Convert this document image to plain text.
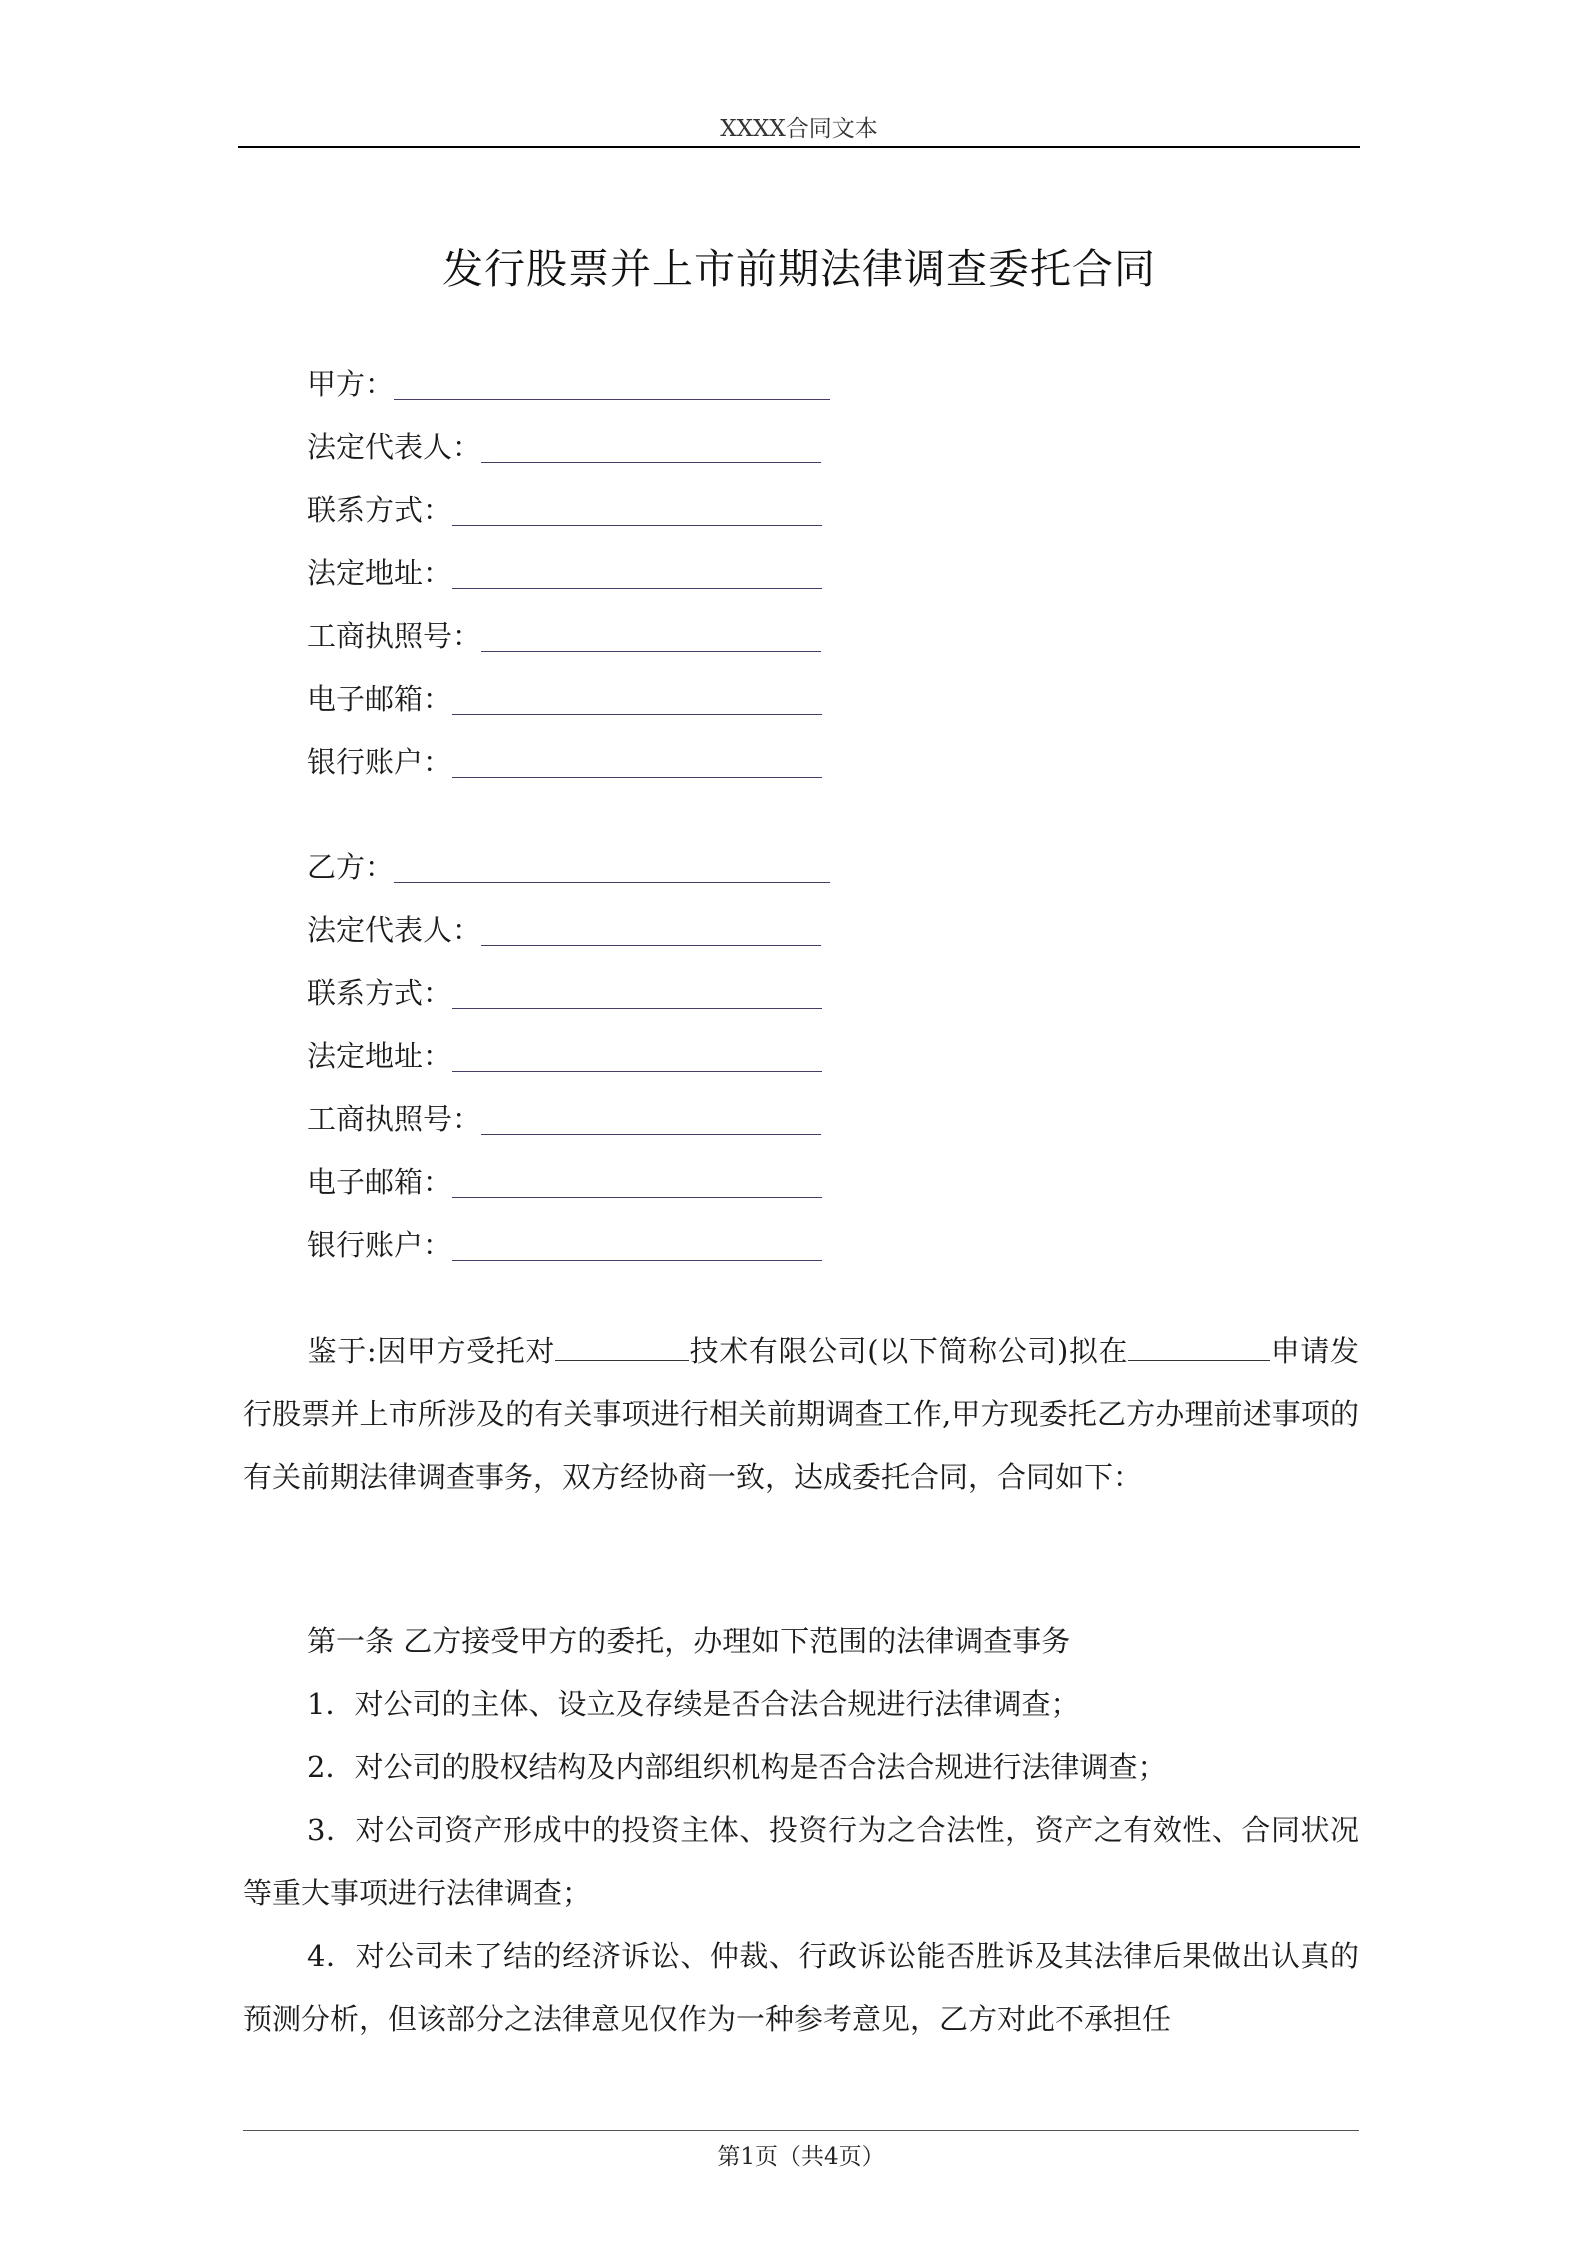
XXXX合同文本
发行股票并上市前期法律调查委托合同
甲方：
法定代表人：
联系方式：
法定地址：
工商执照号：
电子邮箱：
银行账户：
乙方：
法定代表人：
联系方式：
法定地址：
工商执照号：
电子邮箱：
银行账户：

鉴于:因甲方受托对	技术有限公司(以下简称公司)拟在	申请发行股票并上市所涉及的有关事项进行相关前期调查工作,甲方现委托乙方办理前述事项的有关前期法律调查事务，双方经协商一致，达成委托合同，合同如下：

第一条 乙方接受甲方的委托，办理如下范围的法律调查事务

1．对公司的主体、设立及存续是否合法合规进行法律调查；

2．对公司的股权结构及内部组织机构是否合法合规进行法律调查；

3．对公司资产形成中的投资主体、投资行为之合法性，资产之有效性、合同状况等重大事项进行法律调查；

4．对公司未了结的经济诉讼、仲裁、行政诉讼能否胜诉及其法律后果做出认真的预测分析，但该部分之法律意见仅作为一种参考意见，乙方对此不承担任

第1页（共4页）
